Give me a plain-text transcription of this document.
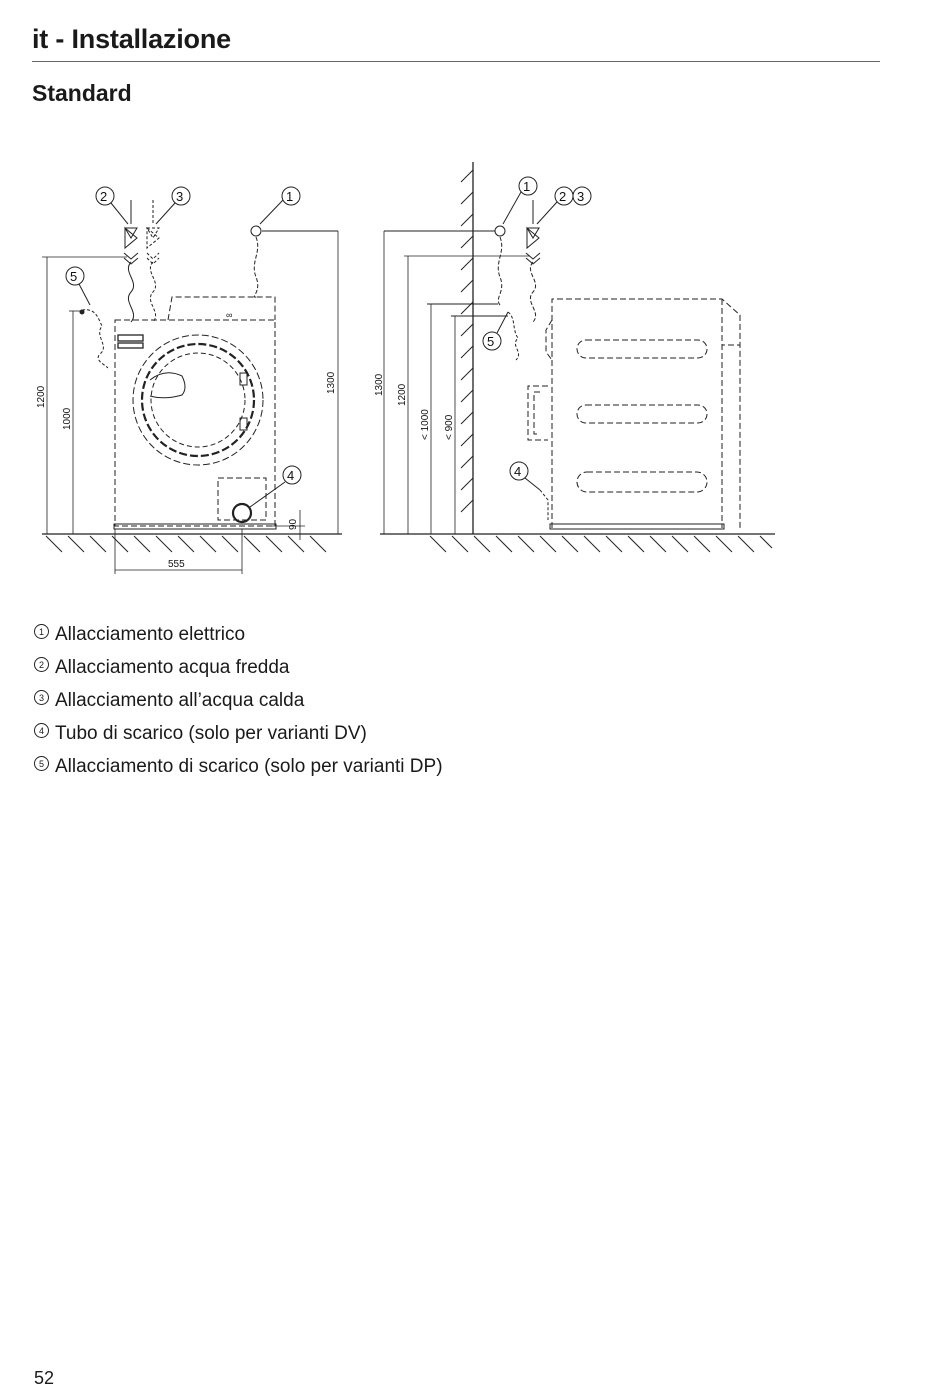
it - Installazione
Standard
∞
1200
1000
1300
90
555
2	3	1
5
4
1300 1200
< 1000 < 900
1
2 3
5
4
1 Allacciamento elettrico
2 Allacciamento acqua fredda
3 Allacciamento all’acqua calda
4 Tubo di scarico (solo per varianti DV)
5 Allacciamento di scarico (solo per varianti DP)
52
